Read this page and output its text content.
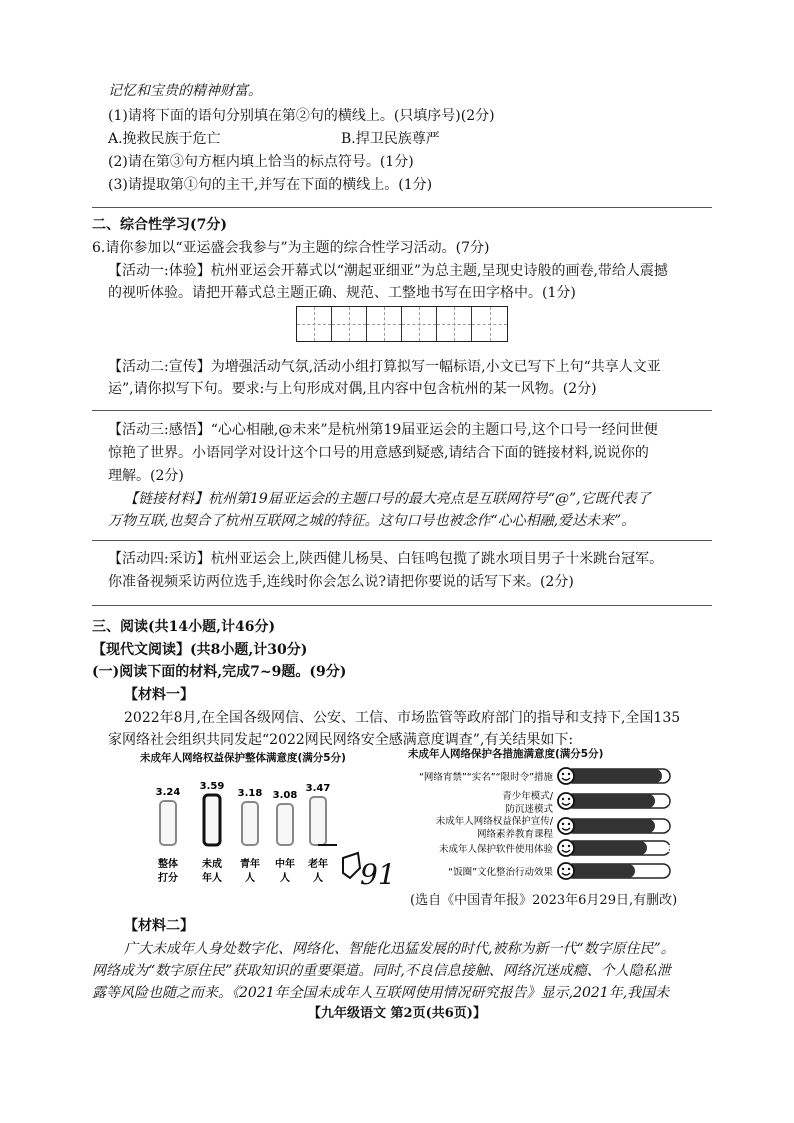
记忆和宝贵的精神财富。
(1)请将下面的语句分别填在第②句的横线上。(只填序号)(2分)
A.挽救民族于危亡	B.捍卫民族尊严
(2)请在第③句方框内填上恰当的标点符号。(1分)
(3)请提取第①句的主干,并写在下面的横线上。(1分)
二、综合性学习(7分)
6.请你参加以“亚运盛会我参与”为主题的综合性学习活动。(7分)
【活动一:体验】杭州亚运会开幕式以“潮起亚细亚”为总主题,呈现史诗般的画卷,带给人震撼
的视听体验。请把开幕式总主题正确、规范、工整地书写在田字格中。(1分)
【活动二:宣传】为增强活动气氛,活动小组打算拟写一幅标语,小文已写下上句“共享人文亚
运”,请你拟写下句。要求:与上句形成对偶,且内容中包含杭州的某一风物。(2分)
【活动三:感悟】“心心相融,@未来”是杭州第19届亚运会的主题口号,这个口号一经问世便
惊艳了世界。小语同学对设计这个口号的用意感到疑惑,请结合下面的链接材料,说说你的
理解。(2分)
【链接材料】杭州第19届亚运会的主题口号的最大亮点是互联网符号“@”,它既代表了
万物互联,也契合了杭州互联网之城的特征。这句口号也被念作“心心相融,爱达未来”。
【活动四:采访】杭州亚运会上,陕西健儿杨昊、白钰鸣包揽了跳水项目男子十米跳台冠军。
你准备视频采访两位选手,连线时你会怎么说?请把你要说的话写下来。(2分)
三、阅读(共14小题,计46分)
【现代文阅读】(共8小题,计30分)
(一)阅读下面的材料,完成7~9题。(9分)
【材料一】
2022年8月,在全国各级网信、公安、工信、市场监管等政府部门的指导和支持下,全国135
家网络社会组织共同发起“2022网民网络安全感满意度调查”,有关结果如下:
未成年人网络权益保护整体满意度(满分5分)	未成年人网络保护各措施满意度(满分5分)
3.24
整体
打分
3.59
未成
年人
3.18
青年
人
3.08
中年
人
3.47
老年
人
“网络宵禁”“实名”“限时令”措施	3.64
青少年模式/
防沉迷模式
3.52
未成年人网络权益保护宣传/
网络素养教育课程
3.51
未成年人保护软件使用体验	3.36
“饭圈”文化整治行动效果	3.12
91
(选自《中国青年报》2023年6月29日,有删改)
【材料二】
广大未成年人身处数字化、网络化、智能化迅猛发展的时代,被称为新一代“数字原住民”。
网络成为“数字原住民”获取知识的重要渠道。同时,不良信息接触、网络沉迷成瘾、个人隐私泄
露等风险也随之而来。《2021年全国未成年人互联网使用情况研究报告》显示,2021年,我国未
【九年级语文 第2页(共6页)】
